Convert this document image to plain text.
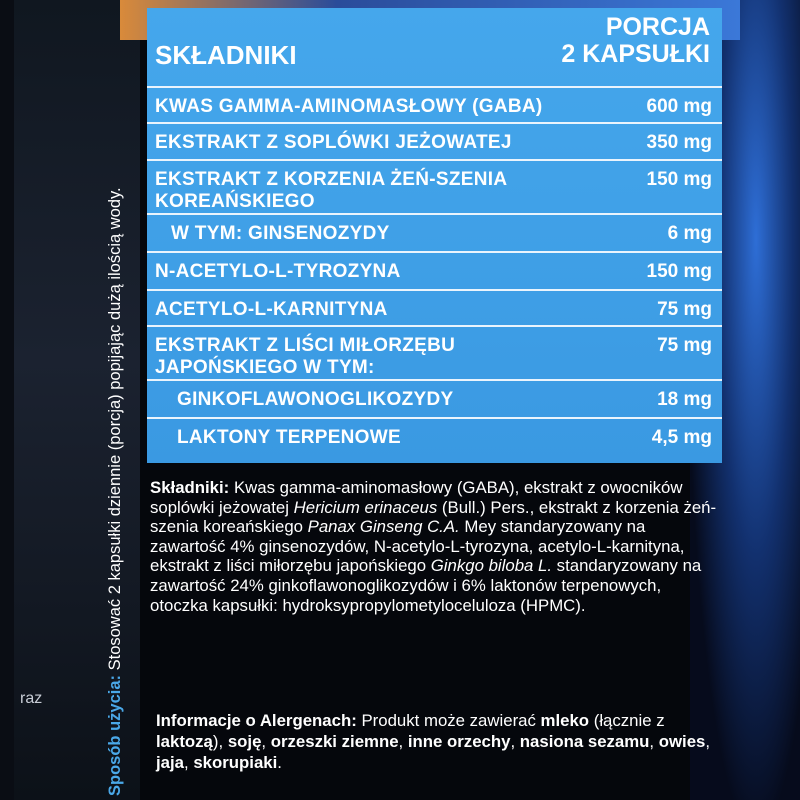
raz	Sposób użycia: Stosować 2 kapsułki dziennie (porcja) popijając dużą ilością wody.
SKŁADNIKI
PORCJA
2 KAPSUŁKI
KWAS GAMMA-AMINOMASŁOWY (GABA)	600 mg
EKSTRAKT Z SOPLÓWKI JEŻOWATEJ	350 mg
EKSTRAKT Z KORZENIA ŻEŃ-SZENIA
KOREAŃSKIEGO
150 mg
W TYM: GINSENOZYDY	6 mg
N-ACETYLO-L-TYROZYNA	150 mg
ACETYLO-L-KARNITYNA	75 mg
EKSTRAKT Z LIŚCI MIŁORZĘBU
JAPOŃSKIEGO W TYM:
75 mg
GINKOFLAWONOGLIKOZYDY	18 mg
LAKTONY TERPENOWE	4,5 mg
Składniki: Kwas gamma-aminomasłowy (GABA), ekstrakt z owocników soplówki jeżowatej Hericium erinaceus (Bull.) Pers., ekstrakt z korzenia żeń-szenia koreańskiego Panax Ginseng C.A. Mey standaryzowany na zawartość 4% ginsenozydów, N-acetylo-L-tyrozyna, acetylo-L-karnityna, ekstrakt z liści miłorzębu japońskiego Ginkgo biloba L. standaryzowany na zawartość 24% ginkoflawonoglikozydów i 6% laktonów terpenowych, otoczka kapsułki: hydroksypropylometyloceluloza (HPMC).
Informacje o Alergenach: Produkt może zawierać mleko (łącznie z laktozą), soję, orzeszki ziemne, inne orzechy, nasiona sezamu, owies, jaja, skorupiaki.
